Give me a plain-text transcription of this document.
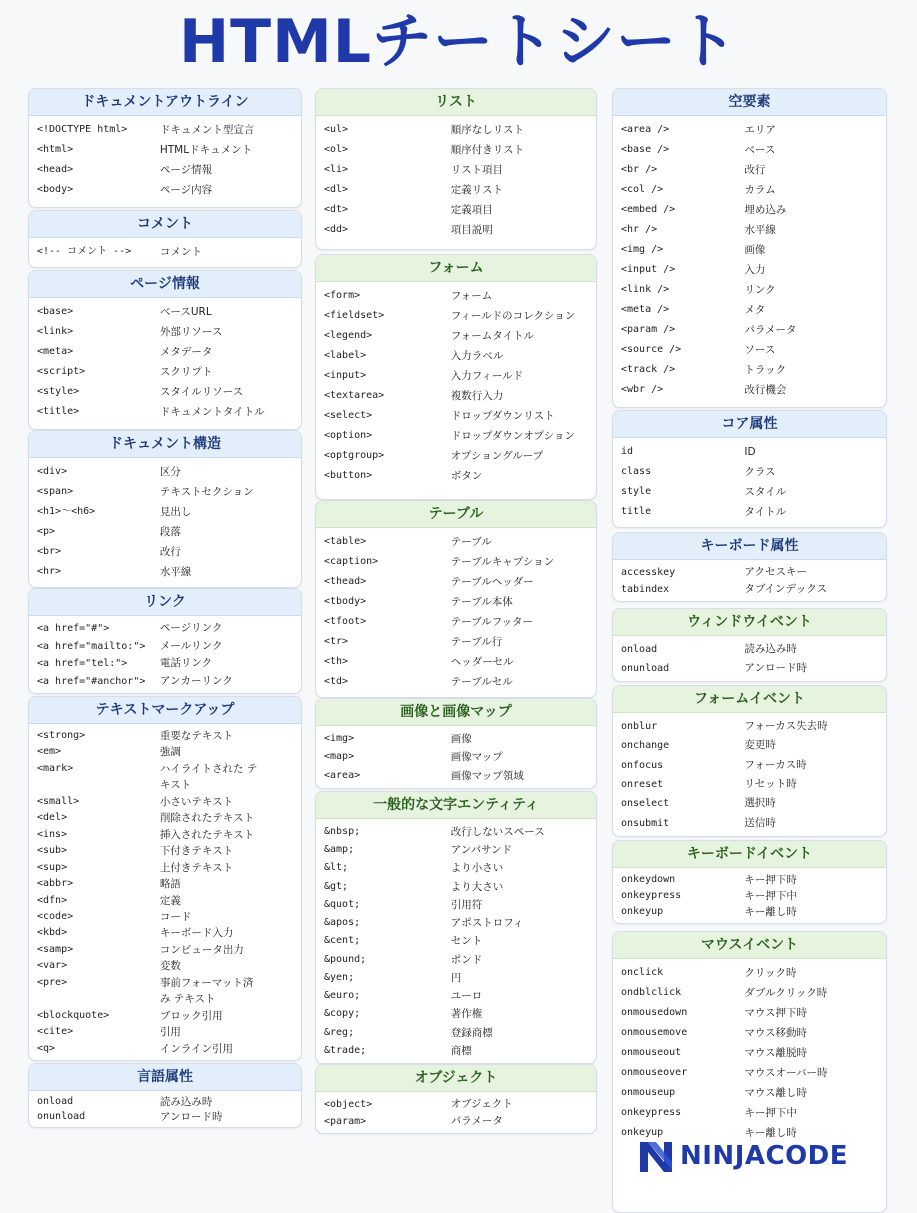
HTMLチートシート
ドキュメントアウトライン
<!DOCTYPE html>	ドキュメント型宣言
<html>	HTMLドキュメント
<head>	ページ情報
<body>	ページ内容
コメント
<!-- コメント -->	コメント
ページ情報
<base>	ベースURL
<link>	外部リソース
<meta>	メタデータ
<script>	スクリプト
<style>	スタイルリソース
<title>	ドキュメントタイトル
ドキュメント構造
<div>	区分
<span>	テキストセクション
<h1>～<h6>	見出し
<p>	段落
<br>	改行
<hr>	水平線
リンク
<a href="#">	ページリンク
<a href="mailto:">	メールリンク
<a href="tel:">	電話リンク
<a href="#anchor">	アンカーリンク
テキストマークアップ
<strong>	重要なテキスト
<em>	強調
<mark>	ハイライトされた テキスト
<small>	小さいテキスト
<del>	削除されたテキスト
<ins>	挿入されたテキスト
<sub>	下付きテキスト
<sup>	上付きテキスト
<abbr>	略語
<dfn>	定義
<code>	コード
<kbd>	キーボード入力
<samp>	コンピュータ出力
<var>	変数
<pre>	事前フォーマット済み テキスト
<blockquote>	ブロック引用
<cite>	引用
<q>	インライン引用
言語属性
onload	読み込み時
onunload	アンロード時
リスト
<ul>	順序なしリスト
<ol>	順序付きリスト
<li>	リスト項目
<dl>	定義リスト
<dt>	定義項目
<dd>	項目説明
フォーム
<form>	フォーム
<fieldset>	フィールドのコレクション
<legend>	フォームタイトル
<label>	入力ラベル
<input>	入力フィールド
<textarea>	複数行入力
<select>	ドロップダウンリスト
<option>	ドロップダウンオプション
<optgroup>	オプショングループ
<button>	ボタン
テーブル
<table>	テーブル
<caption>	テーブルキャプション
<thead>	テーブルヘッダー
<tbody>	テーブル本体
<tfoot>	テーブルフッター
<tr>	テーブル行
<th>	ヘッダーセル
<td>	テーブルセル
画像と画像マップ
<img>	画像
<map>	画像マップ
<area>	画像マップ領域
一般的な文字エンティティ
&nbsp;	改行しないスペース
&amp;	アンパサンド
&lt;	より小さい
&gt;	より大さい
&quot;	引用符
&apos;	アポストロフィ
&cent;	セント
&pound;	ポンド
&yen;	円
&euro;	ユーロ
&copy;	著作権
&reg;	登録商標
&trade;	商標
オブジェクト
<object>	オブジェクト
<param>	パラメータ
空要素
<area />	エリア
<base />	ベース
<br />	改行
<col />	カラム
<embed />	埋め込み
<hr />	水平線
<img />	画像
<input />	入力
<link />	リンク
<meta />	メタ
<param />	パラメータ
<source />	ソース
<track />	トラック
<wbr />	改行機会
コア属性
id	ID
class	クラス
style	スタイル
title	タイトル
キーボード属性
accesskey	アクセスキー
tabindex	タブインデックス
ウィンドウイベント
onload	読み込み時
onunload	アンロード時
フォームイベント
onblur	フォーカス失去時
onchange	変更時
onfocus	フォーカス時
onreset	リセット時
onselect	選択時
onsubmit	送信時
キーボードイベント
onkeydown	キー押下時
onkeypress	キー押下中
onkeyup	キー離し時
マウスイベント
onclick	クリック時
ondblclick	ダブルクリック時
onmousedown	マウス押下時
onmousemove	マウス移動時
onmouseout	マウス離脱時
onmouseover	マウスオーバー時
onmouseup	マウス離し時
onkeypress	キー押下中
onkeyup	キー離し時
NINJACODE
